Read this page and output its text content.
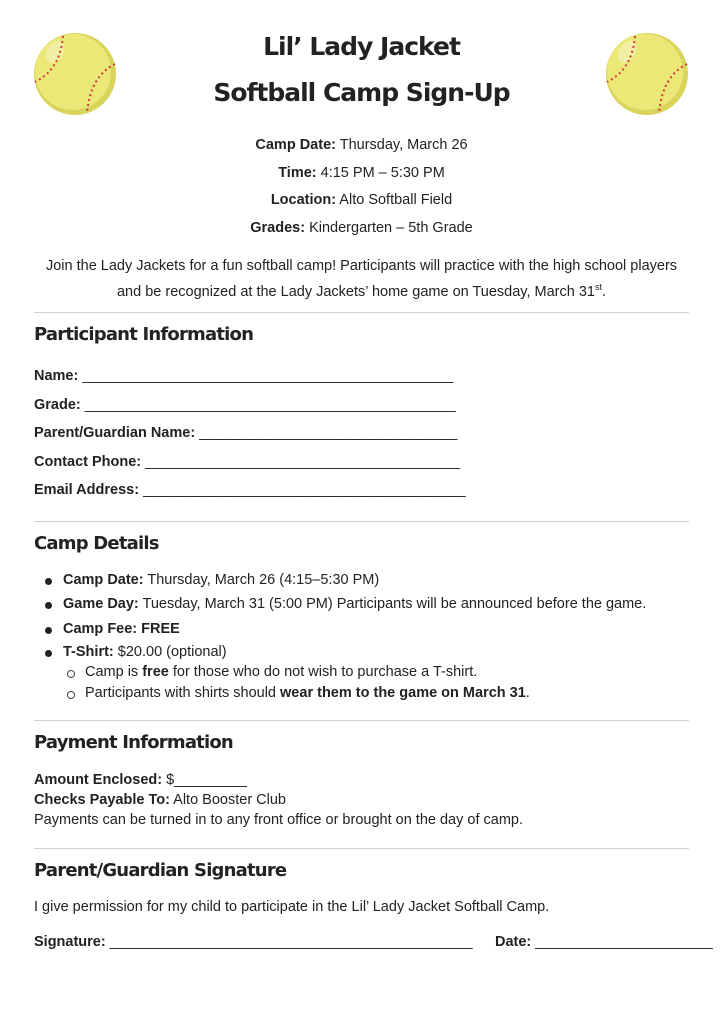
Lil’ Lady Jacket
Softball Camp Sign-Up
Camp Date: Thursday, March 26
Time: 4:15 PM – 5:30 PM
Location: Alto Softball Field
Grades: Kindergarten – 5th Grade
Join the Lady Jackets for a fun softball camp! Participants will practice with the high school players and be recognized at the Lady Jackets’ home game on Tuesday, March 31st.
Participant Information
Name: ______________________________________________
Grade: ______________________________________________
Parent/Guardian Name: ________________________________
Contact Phone: _______________________________________
Email Address: ________________________________________
Camp Details
Camp Date: Thursday, March 26 (4:15–5:30 PM)
Game Day: Tuesday, March 31 (5:00 PM) Participants will be announced before the game.
Camp Fee: FREE
T-Shirt: $20.00 (optional)
Camp is free for those who do not wish to purchase a T-shirt.
Participants with shirts should wear them to the game on March 31.
Payment Information
Amount Enclosed: $_________
Checks Payable To: Alto Booster Club
Payments can be turned in to any front office or brought on the day of camp.
Parent/Guardian Signature
I give permission for my child to participate in the Lil’ Lady Jacket Softball Camp.
Signature: _____________________________________________ Date: ______________________
